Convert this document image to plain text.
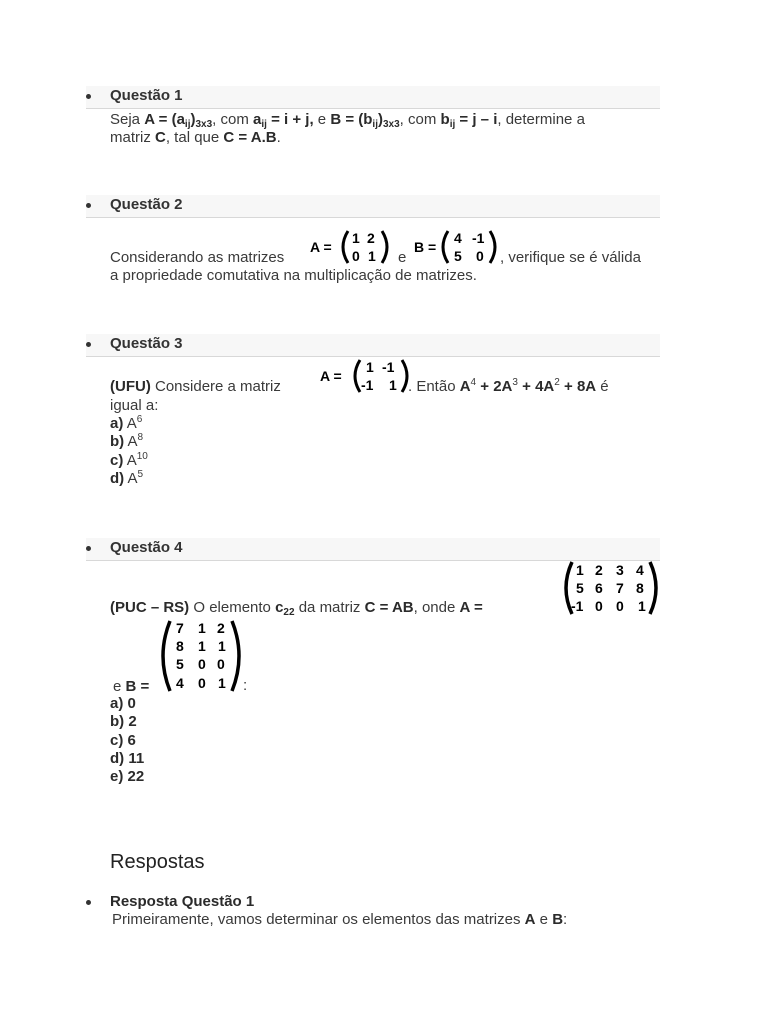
Questão 1
Seja $A = (a_{ij})_{3x3}$, com $a_{ij} = i + j$, e $B = (b_{ij})_{3x3}$, com $b_{ij} = j - i$, determine a
matriz C, tal que C = A.B.
Questão 2
Considerando as matrizes
A =
1 2
0 1 e
B =
4 -1
5 0 , verifique se é válida
a propriedade comutativa na multiplicação de matrizes.
Questão 3
(UFU) Considere a matriz
A =
1 -1
-1 1 . Então $A^4 + 2A^3 + 4A^2 + 8A$ é
igual a:
a) $A^6$
b) $A^8$
c) $A^{10}$
d) $A^5$
Questão 4
(PUC – RS) O elemento $c_{22}$ da matriz C = AB, onde A =
1 2 3 4
5 6 7 8
-1 0 0 1
7 1 2
8 1 1
5 0 0
4 0 1
e B =	:
a) 0
b) 2
c) 6
d) 11
e) 22
Respostas
Resposta Questão 1
Primeiramente, vamos determinar os elementos das matrizes A e B:
